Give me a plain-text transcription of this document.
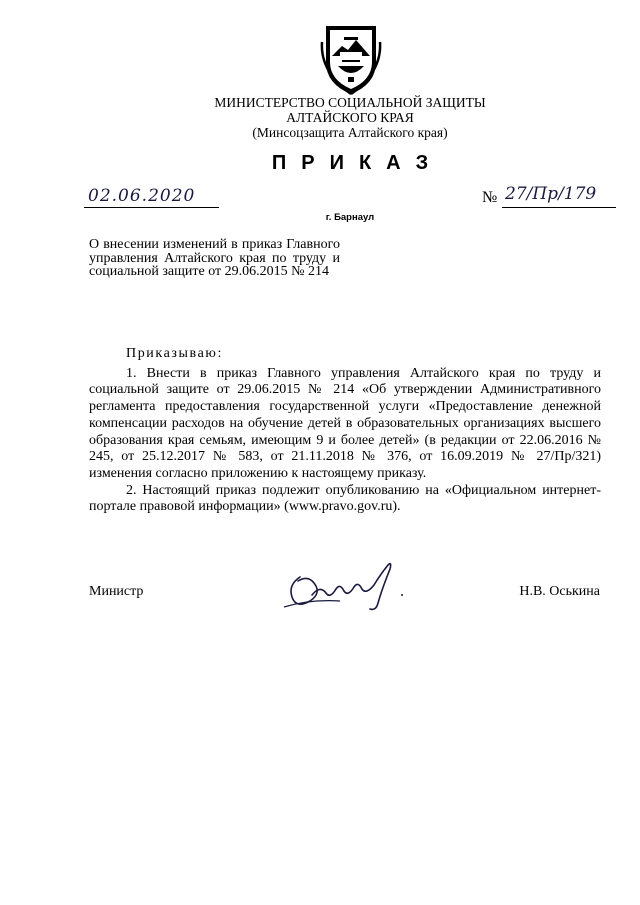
МИНИСТЕРСТВО СОЦИАЛЬНОЙ ЗАЩИТЫ
АЛТАЙСКОГО КРАЯ
(Минсоцзащита Алтайского края)
ПРИКАЗ
02.06.2020	№ 27/Пр/179
г. Барнаул
О внесении изменений в приказ Главного управления Алтайского края по труду и социальной защите от 29.06.2015 № 214

Приказываю:

1. Внести в приказ Главного управления Алтайского края по труду и социальной защите от 29.06.2015 № 214 «Об утверждении Административного регламента предоставления государственной услуги «Предоставление денежной компенсации расходов на обучение детей в образовательных организациях высшего образования края семьям, имеющим 9 и более детей» (в редакции от 22.06.2016 № 245, от 25.12.2017 № 583, от 21.11.2018 № 376, от 16.09.2019 № 27/Пр/321) изменения согласно приложению к настоящему приказу.

2. Настоящий приказ подлежит опубликованию на «Официальном интернет-портале правовой информации» (www.pravo.gov.ru).

Министр	Н.В. Оськина
